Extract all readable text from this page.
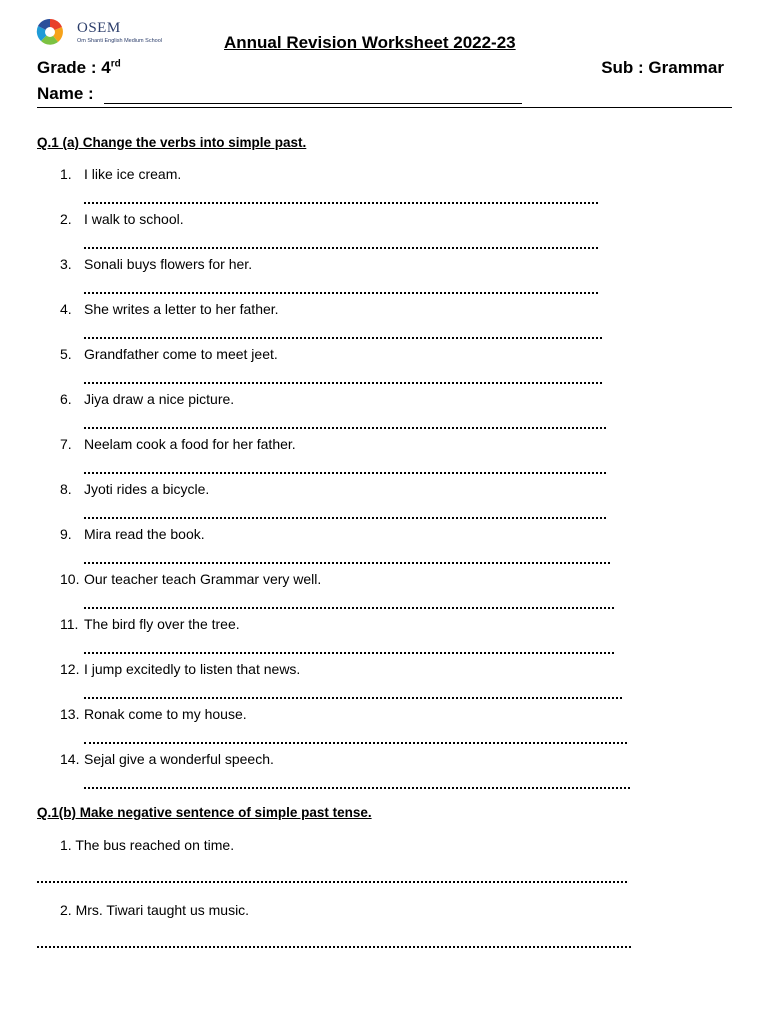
OSEM
Om Shanti English Medium School	Annual Revision Worksheet 2022-23
Grade : 4rd	Sub : Grammar
Name :
Q.1 (a) Change the verbs into simple past.
1. I like ice cream.
2. I walk to school.
3. Sonali buys flowers for her.
4. She writes a letter to her father.
5. Grandfather come to meet jeet.
6. Jiya draw a nice picture.
7. Neelam cook a food for her father.
8. Jyoti rides a bicycle.
9. Mira read the book.
10. Our teacher teach Grammar very well.
11. The bird fly over the tree.
12. I jump excitedly to listen that news.
13. Ronak come to my house.
14. Sejal give a wonderful speech.
Q.1(b) Make negative sentence of simple past tense.
1. The bus reached on time.
2. Mrs. Tiwari taught us music.
